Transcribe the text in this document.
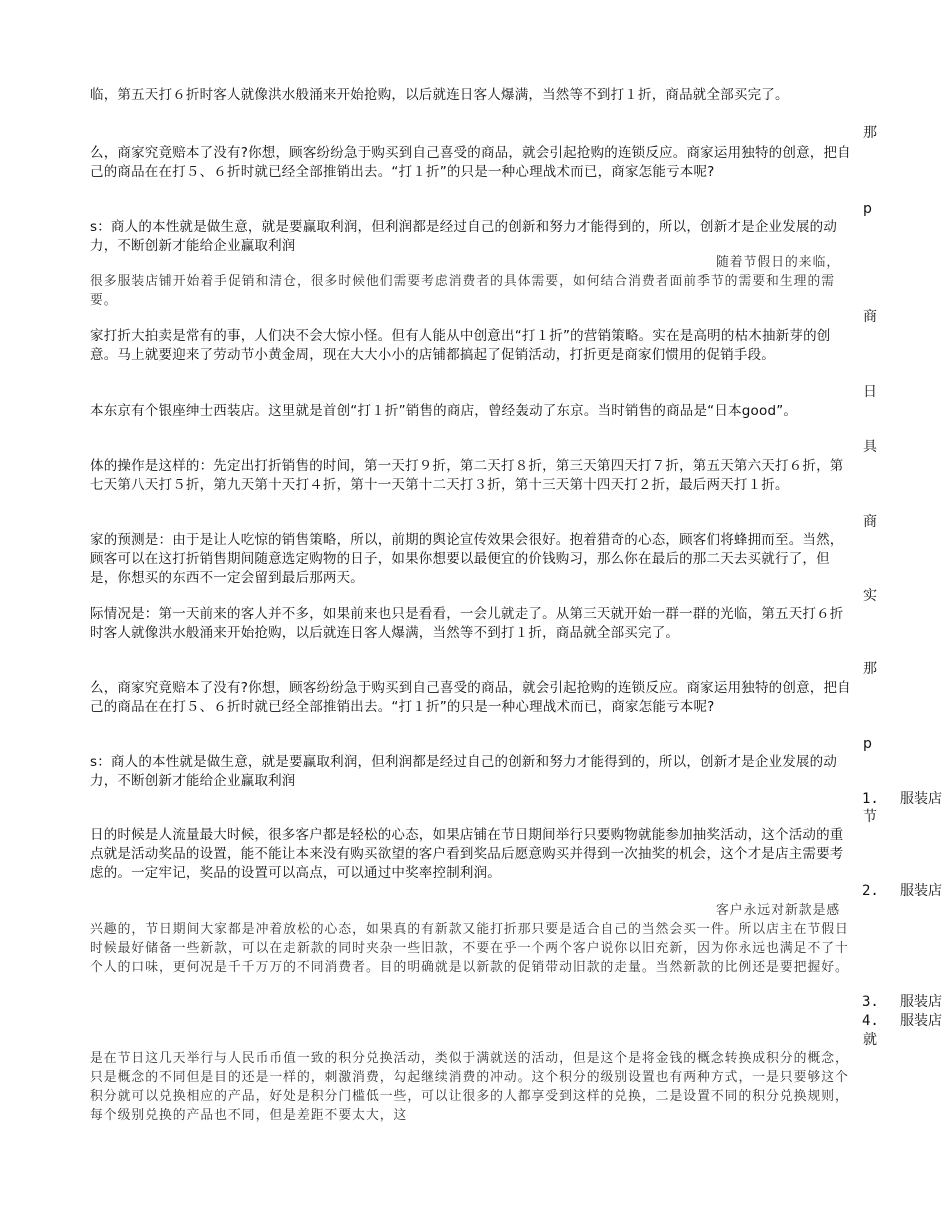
临，第五天打６折时客人就像洪水般涌来开始抢购，以后就连日客人爆满，当然等不到打１折，商品就全部买完了。

那

么，商家究竟赔本了没有?你想，顾客纷纷急于购买到自己喜受的商品，就会引起抢购的连锁反应。商家运用独特的创意，把自己的商品在在打５、６折时就已经全部推销出去。“打１折”的只是一种心理战术而已，商家怎能亏本呢?

p

s：商人的本性就是做生意，就是要赢取利润，但利润都是经过自己的创新和努力才能得到的，所以，创新才是企业发展的动力，不断创新才能给企业赢取利润

随着节假日的来临，

很多服装店铺开始着手促销和清仓，很多时候他们需要考虑消费者的具体需要，如何结合消费者面前季节的需要和生理的需要。

商

家打折大拍卖是常有的事，人们决不会大惊小怪。但有人能从中创意出“打１折”的营销策略。实在是高明的枯木抽新芽的创意。马上就要迎来了劳动节小黄金周，现在大大小小的店铺都搞起了促销活动，打折更是商家们惯用的促销手段。

日

本东京有个银座绅士西装店。这里就是首创“打１折”销售的商店，曾经轰动了东京。当时销售的商品是“日本good”。

具

体的操作是这样的：先定出打折销售的时间，第一天打９折，第二天打８折，第三天第四天打７折，第五天第六天打６折，第七天第八天打５折，第九天第十天打４折，第十一天第十二天打３折，第十三天第十四天打２折，最后两天打１折。

商

家的预测是：由于是让人吃惊的销售策略，所以，前期的舆论宣传效果会很好。抱着猎奇的心态，顾客们将蜂拥而至。当然，顾客可以在这打折销售期间随意选定购物的日子，如果你想要以最便宜的价钱购习，那么你在最后的那二天去买就行了，但是，你想买的东西不一定会留到最后那两天。

实

际情况是：第一天前来的客人并不多，如果前来也只是看看，一会儿就走了。从第三天就开始一群一群的光临，第五天打６折时客人就像洪水般涌来开始抢购，以后就连日客人爆满，当然等不到打１折，商品就全部买完了。

那

么，商家究竟赔本了没有?你想，顾客纷纷急于购买到自己喜受的商品，就会引起抢购的连锁反应。商家运用独特的创意，把自己的商品在在打５、６折时就已经全部推销出去。“打１折”的只是一种心理战术而已，商家怎能亏本呢?

p

s：商人的本性就是做生意，就是要赢取利润，但利润都是经过自己的创新和努力才能得到的，所以，创新才是企业发展的动力，不断创新才能给企业赢取利润

1. 服装店
节

日的时候是人流量最大时候，很多客户都是轻松的心态，如果店铺在节日期间举行只要购物就能参加抽奖活动，这个活动的重点就是活动奖品的设置，能不能让本来没有购买欲望的客户看到奖品后愿意购买并得到一次抽奖的机会，这个才是店主需要考虑的。一定牢记，奖品的设置可以高点，可以通过中奖率控制利润。

2. 服装店
客户永远对新款是感

兴趣的，节日期间大家都是冲着放松的心态，如果真的有新款又能打折那只要是适合自己的当然会买一件。所以店主在节假日时候最好储备一些新款，可以在走新款的同时夹杂一些旧款，不要在乎一个两个客户说你以旧充新，因为你永远也满足不了十个人的口味，更何况是千千万万的不同消费者。目的明确就是以新款的促销带动旧款的走量。当然新款的比例还是要把握好。

3. 服装店
4. 服装店
就

是在节日这几天举行与人民币币值一致的积分兑换活动，类似于满就送的活动，但是这个是将金钱的概念转换成积分的概念，只是概念的不同但是目的还是一样的，刺激消费，勾起继续消费的冲动。这个积分的级别设置也有两种方式，一是只要够这个积分就可以兑换相应的产品，好处是积分门槛低一些，可以让很多的人都享受到这样的兑换，二是设置不同的积分兑换规则，每个级别兑换的产品也不同，但是差距不要太大，这
